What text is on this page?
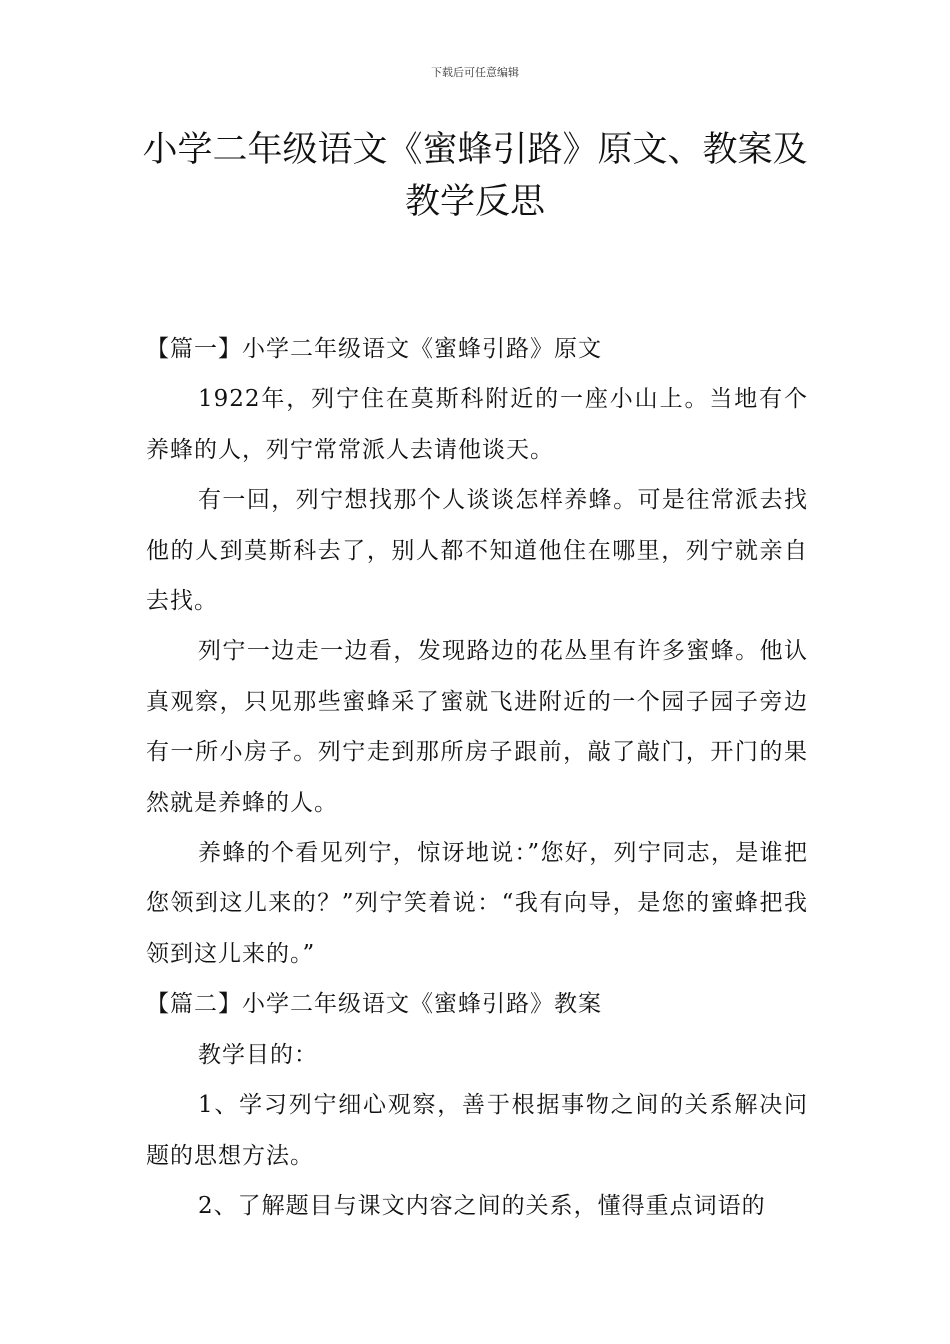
下载后可任意编辑
小学二年级语文《蜜蜂引路》原文、教案及教学反思

【篇一】小学二年级语文《蜜蜂引路》原文

1922年，列宁住在莫斯科附近的一座小山上。当地有个养蜂的人，列宁常常派人去请他谈天。

有一回，列宁想找那个人谈谈怎样养蜂。可是往常派去找他的人到莫斯科去了，别人都不知道他住在哪里，列宁就亲自去找。

列宁一边走一边看，发现路边的花丛里有许多蜜蜂。他认真观察，只见那些蜜蜂采了蜜就飞进附近的一个园子园子旁边有一所小房子。列宁走到那所房子跟前，敲了敲门，开门的果然就是养蜂的人。

养蜂的个看见列宁，惊讶地说：”您好，列宁同志，是谁把您领到这儿来的？”列宁笑着说：“我有向导，是您的蜜蜂把我领到这儿来的。”

【篇二】小学二年级语文《蜜蜂引路》教案

教学目的：

1、学习列宁细心观察，善于根据事物之间的关系解决问题的思想方法。

2、了解题目与课文内容之间的关系，懂得重点词语的
